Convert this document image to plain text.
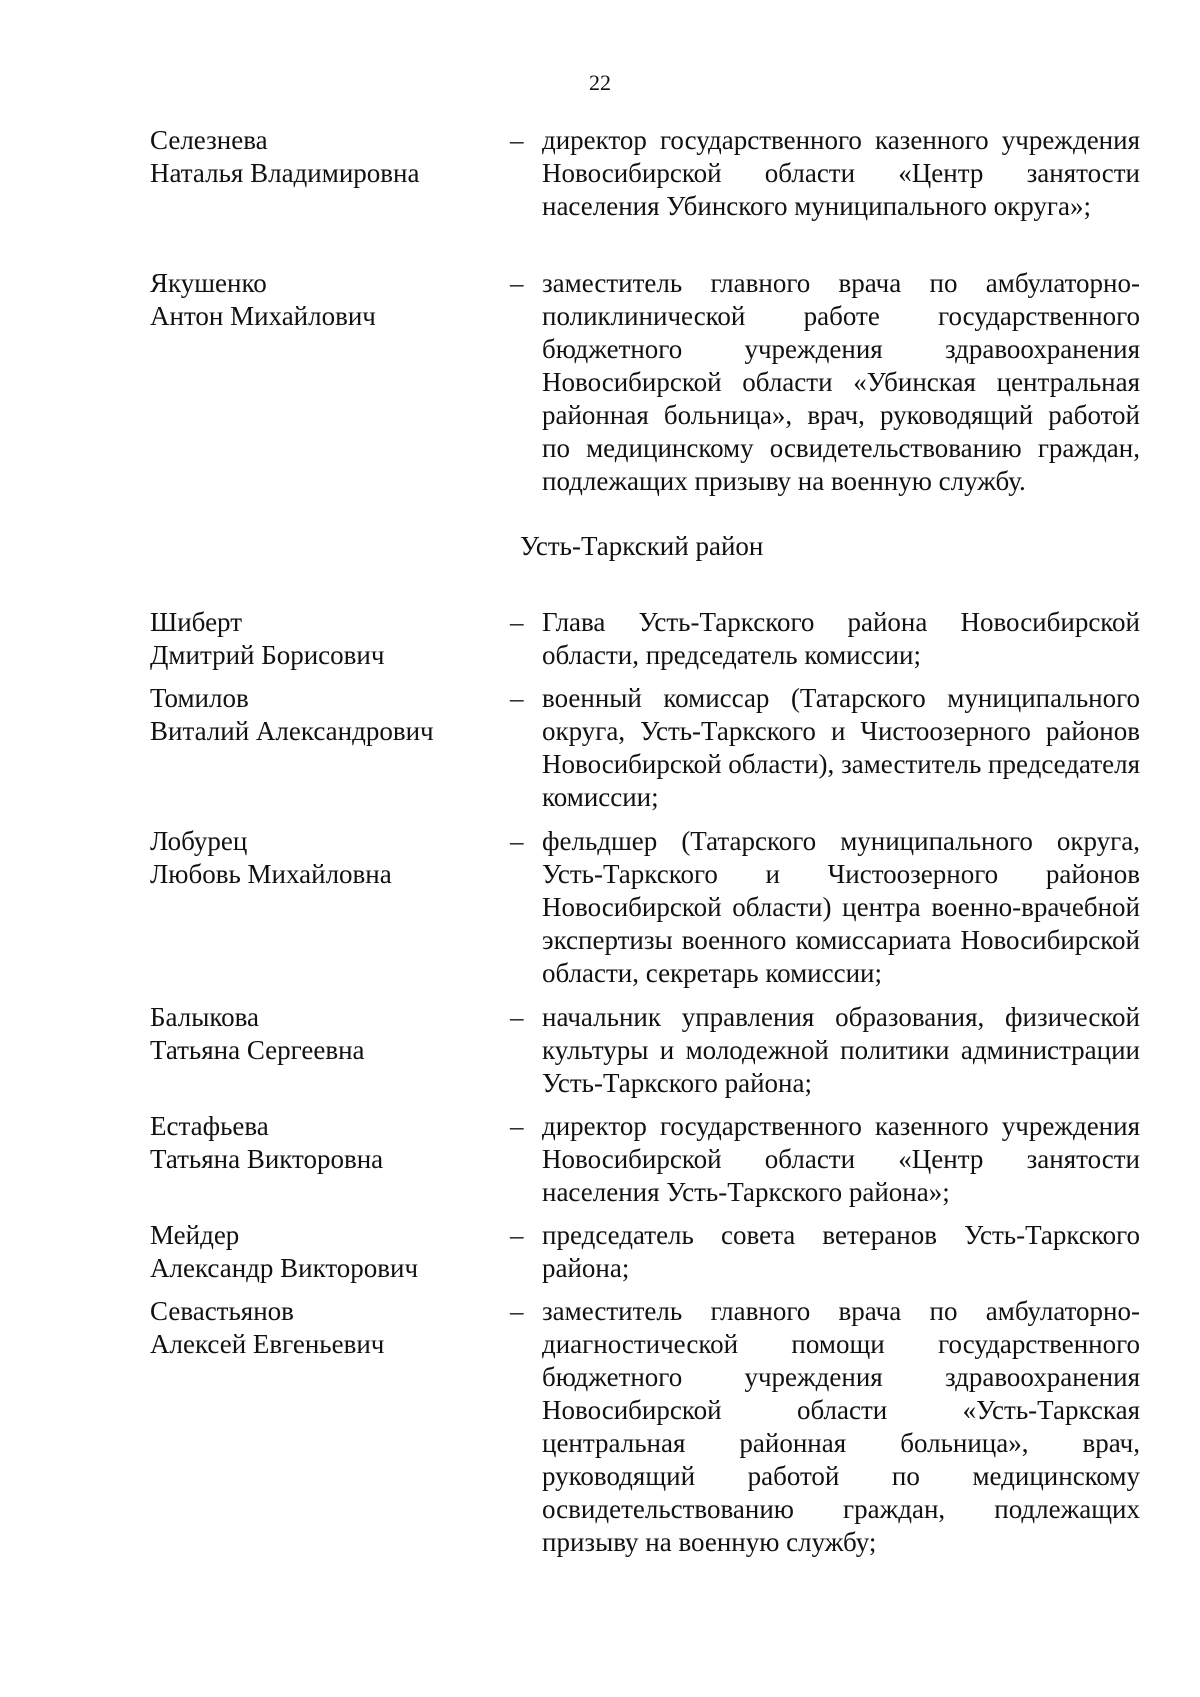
22
Селезнева
Наталья Владимировна
– директор государственного казенного учреждения Новосибирской области «Центр занятости населения Убинского муниципального округа»;
Якушенко
Антон Михайлович
– заместитель главного врача по амбулаторно-поликлинической работе государственного бюджетного учреждения здравоохранения Новосибирской области «Убинская центральная районная больница», врач, руководящий работой по медицинскому освидетельствованию граждан, подлежащих призыву на военную службу.
Усть-Таркский район
Шиберт
Дмитрий Борисович
– Глава Усть-Таркского района Новосибирской области, председатель комиссии;
Томилов
Виталий Александрович
– военный комиссар (Татарского муниципального округа, Усть-Таркского и Чистоозерного районов Новосибирской области), заместитель председателя комиссии;
Лобурец
Любовь Михайловна
– фельдшер (Татарского муниципального округа, Усть-Таркского и Чистоозерного районов Новосибирской области) центра военно-врачебной экспертизы военного комиссариата Новосибирской области, секретарь комиссии;
Балыкова
Татьяна Сергеевна
– начальник управления образования, физической культуры и молодежной политики администрации Усть-Таркского района;
Естафьева
Татьяна Викторовна
– директор государственного казенного учреждения Новосибирской области «Центр занятости населения Усть-Таркского района»;
Мейдер
Александр Викторович
– председатель совета ветеранов Усть-Таркского района;
Севастьянов
Алексей Евгеньевич
– заместитель главного врача по амбулаторно-диагностической помощи государственного бюджетного учреждения здравоохранения Новосибирской области «Усть-Таркская центральная районная больница», врач, руководящий работой по медицинскому освидетельствованию граждан, подлежащих призыву на военную службу;
